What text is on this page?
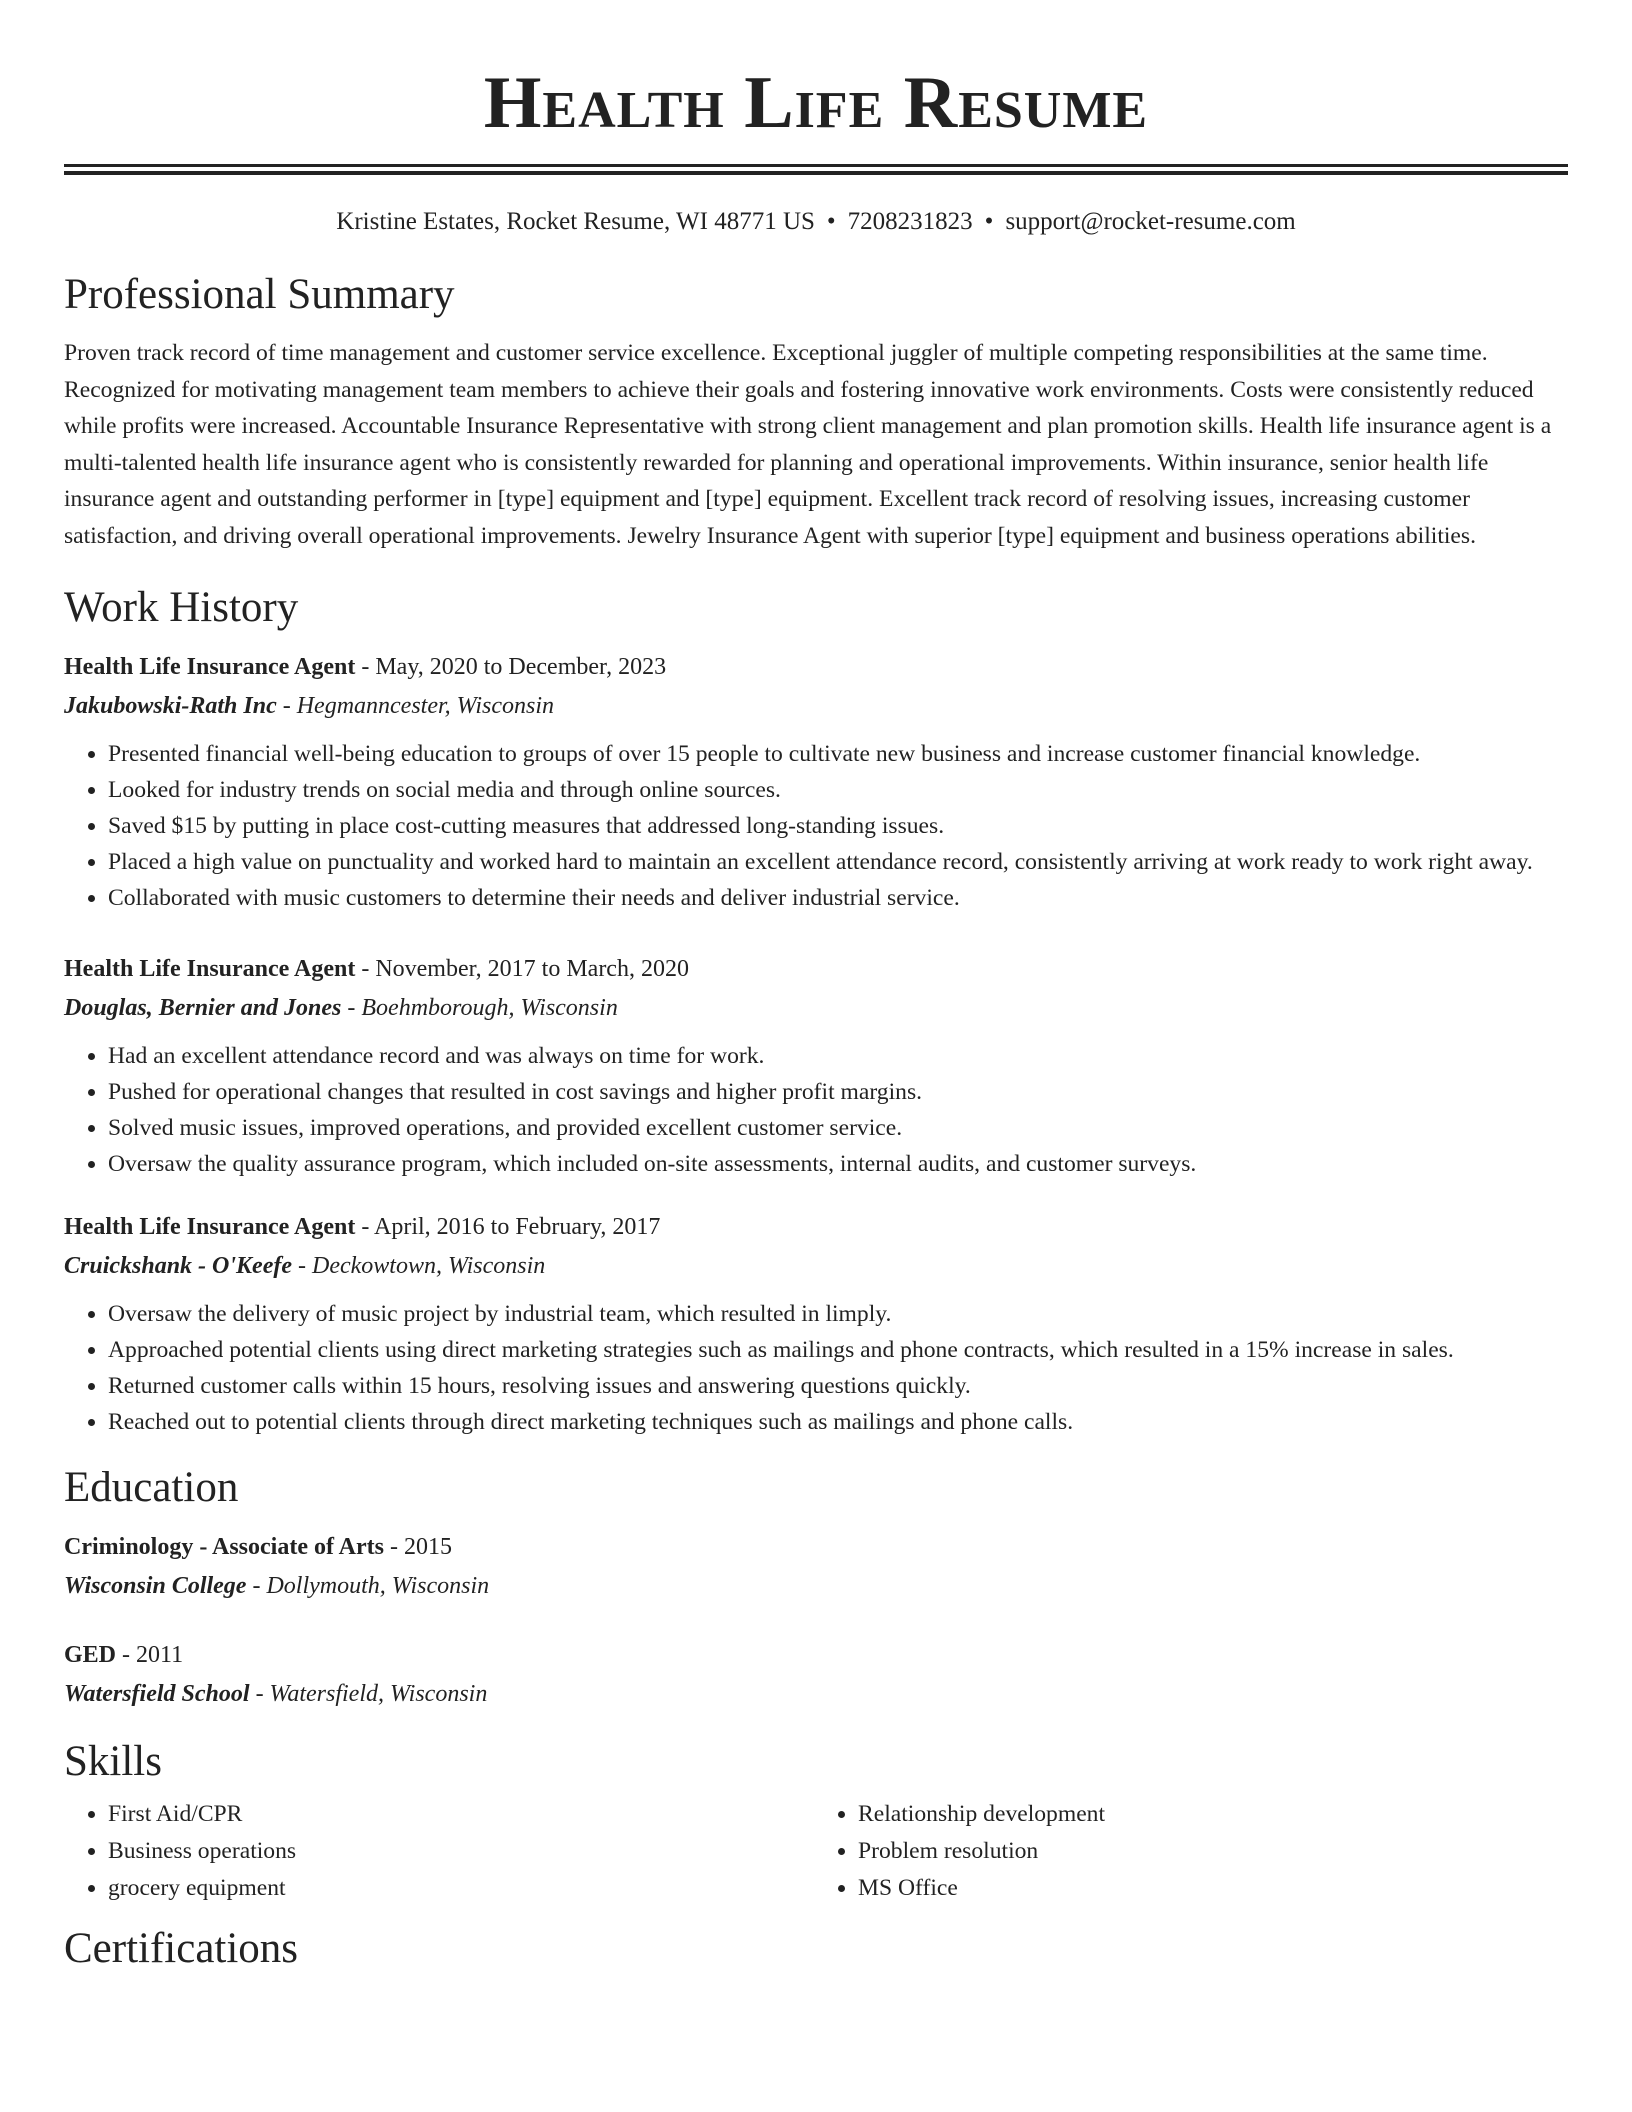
Health Life Resume
Kristine Estates, Rocket Resume, WI 48771 US • 7208231823 • support@rocket-resume.com
Professional Summary
Proven track record of time management and customer service excellence. Exceptional juggler of multiple competing responsibilities at the same time. Recognized for motivating management team members to achieve their goals and fostering innovative work environments. Costs were consistently reduced while profits were increased. Accountable Insurance Representative with strong client management and plan promotion skills. Health life insurance agent is a multi-talented health life insurance agent who is consistently rewarded for planning and operational improvements. Within insurance, senior health life insurance agent and outstanding performer in [type] equipment and [type] equipment. Excellent track record of resolving issues, increasing customer satisfaction, and driving overall operational improvements. Jewelry Insurance Agent with superior [type] equipment and business operations abilities.
Work History
Health Life Insurance Agent - May, 2020 to December, 2023
Jakubowski-Rath Inc - Hegmanncester, Wisconsin
• Presented financial well-being education to groups of over 15 people to cultivate new business and increase customer financial knowledge.
• Looked for industry trends on social media and through online sources.
• Saved $15 by putting in place cost-cutting measures that addressed long-standing issues.
• Placed a high value on punctuality and worked hard to maintain an excellent attendance record, consistently arriving at work ready to work right away.
• Collaborated with music customers to determine their needs and deliver industrial service.
Health Life Insurance Agent - November, 2017 to March, 2020
Douglas, Bernier and Jones - Boehmborough, Wisconsin
• Had an excellent attendance record and was always on time for work.
• Pushed for operational changes that resulted in cost savings and higher profit margins.
• Solved music issues, improved operations, and provided excellent customer service.
• Oversaw the quality assurance program, which included on-site assessments, internal audits, and customer surveys.
Health Life Insurance Agent - April, 2016 to February, 2017
Cruickshank - O'Keefe - Deckowtown, Wisconsin
• Oversaw the delivery of music project by industrial team, which resulted in limply.
• Approached potential clients using direct marketing strategies such as mailings and phone contracts, which resulted in a 15% increase in sales.
• Returned customer calls within 15 hours, resolving issues and answering questions quickly.
• Reached out to potential clients through direct marketing techniques such as mailings and phone calls.
Education
Criminology - Associate of Arts - 2015
Wisconsin College - Dollymouth, Wisconsin
GED - 2011
Watersfield School - Watersfield, Wisconsin
Skills
• First Aid/CPR
• Business operations
• grocery equipment
• Relationship development
• Problem resolution
• MS Office
Certifications
